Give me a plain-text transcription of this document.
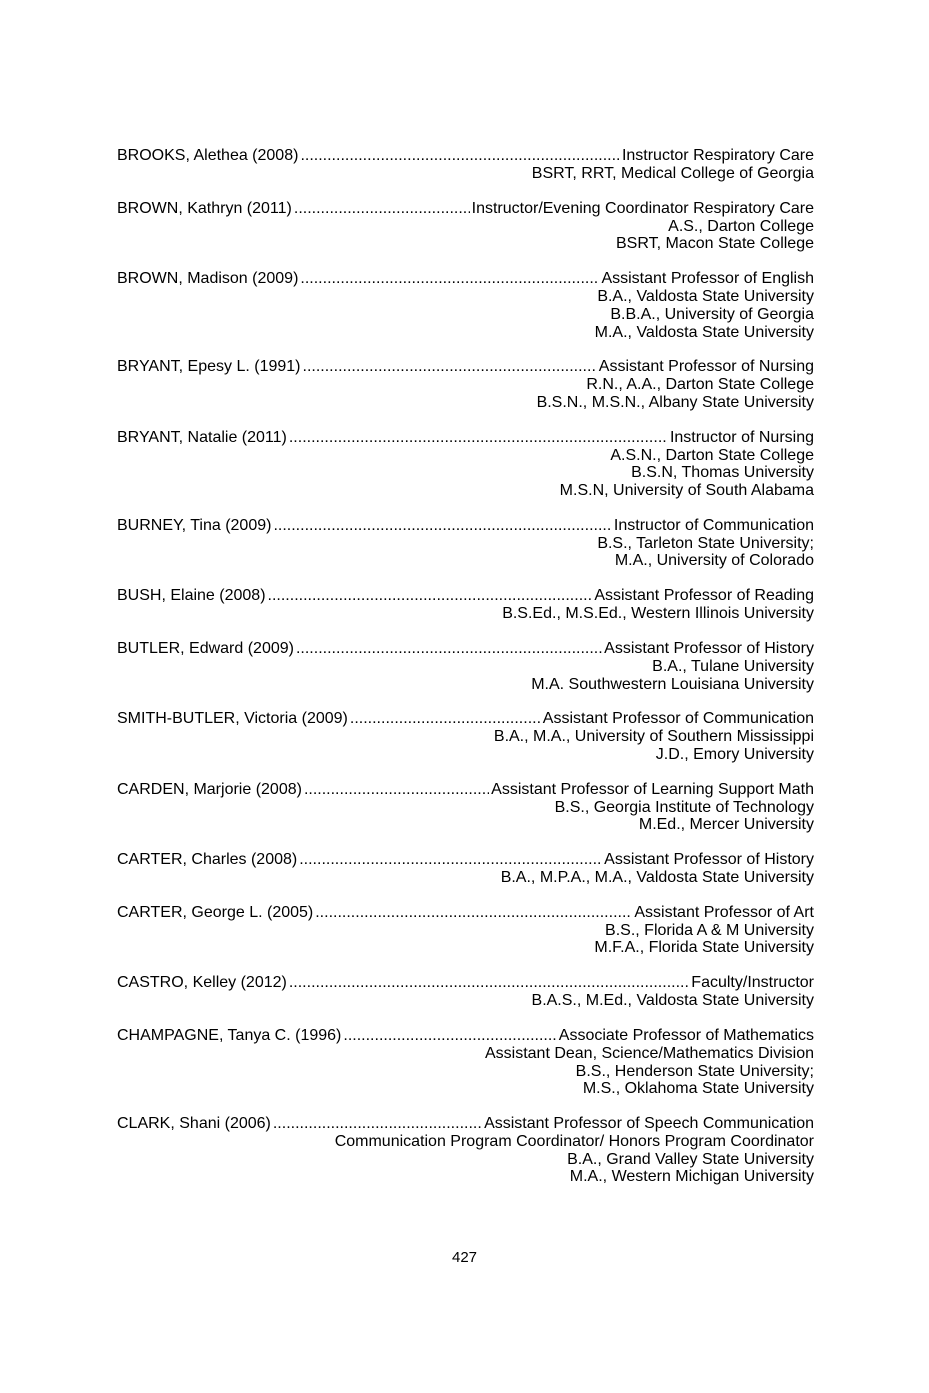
BROOKS, Alethea (2008) .....	Instructor Respiratory Care
BSRT, RRT, Medical College of Georgia
BROWN, Kathryn (2011) .....	Instructor/Evening Coordinator Respiratory Care
A.S., Darton College
BSRT, Macon State College
BROWN, Madison (2009) .....	Assistant Professor of English
B.A., Valdosta State University
B.B.A., University of Georgia
M.A., Valdosta State University
BRYANT, Epesy L. (1991) .....	Assistant Professor of Nursing
R.N., A.A., Darton State College
B.S.N., M.S.N., Albany State University
BRYANT, Natalie (2011) .....	Instructor of Nursing
A.S.N., Darton State College
B.S.N, Thomas University
M.S.N, University of South Alabama
BURNEY, Tina (2009) .....	Instructor of Communication
B.S., Tarleton State University;
M.A., University of Colorado
BUSH, Elaine (2008) .....	Assistant Professor of Reading
B.S.Ed., M.S.Ed., Western Illinois University
BUTLER, Edward (2009) .....	Assistant Professor of History
B.A., Tulane University
M.A. Southwestern Louisiana University
SMITH-BUTLER, Victoria (2009) .....	Assistant Professor of Communication
B.A., M.A., University of Southern Mississippi
J.D., Emory University
CARDEN, Marjorie (2008) .....	Assistant Professor of Learning Support Math
B.S., Georgia Institute of Technology
M.Ed., Mercer University
CARTER, Charles (2008) .....	Assistant Professor of History
B.A., M.P.A., M.A., Valdosta State University
CARTER, George L. (2005) .....	Assistant Professor of Art
B.S., Florida A & M University
M.F.A., Florida State University
CASTRO, Kelley (2012) .....	Faculty/Instructor
B.A.S., M.Ed., Valdosta State University
CHAMPAGNE, Tanya C. (1996) .....	Associate Professor of Mathematics
Assistant Dean, Science/Mathematics Division
B.S., Henderson State University;
M.S., Oklahoma State University
CLARK, Shani (2006) .....	Assistant Professor of Speech Communication
Communication Program Coordinator/ Honors Program Coordinator
B.A., Grand Valley State University
M.A., Western Michigan University
427
